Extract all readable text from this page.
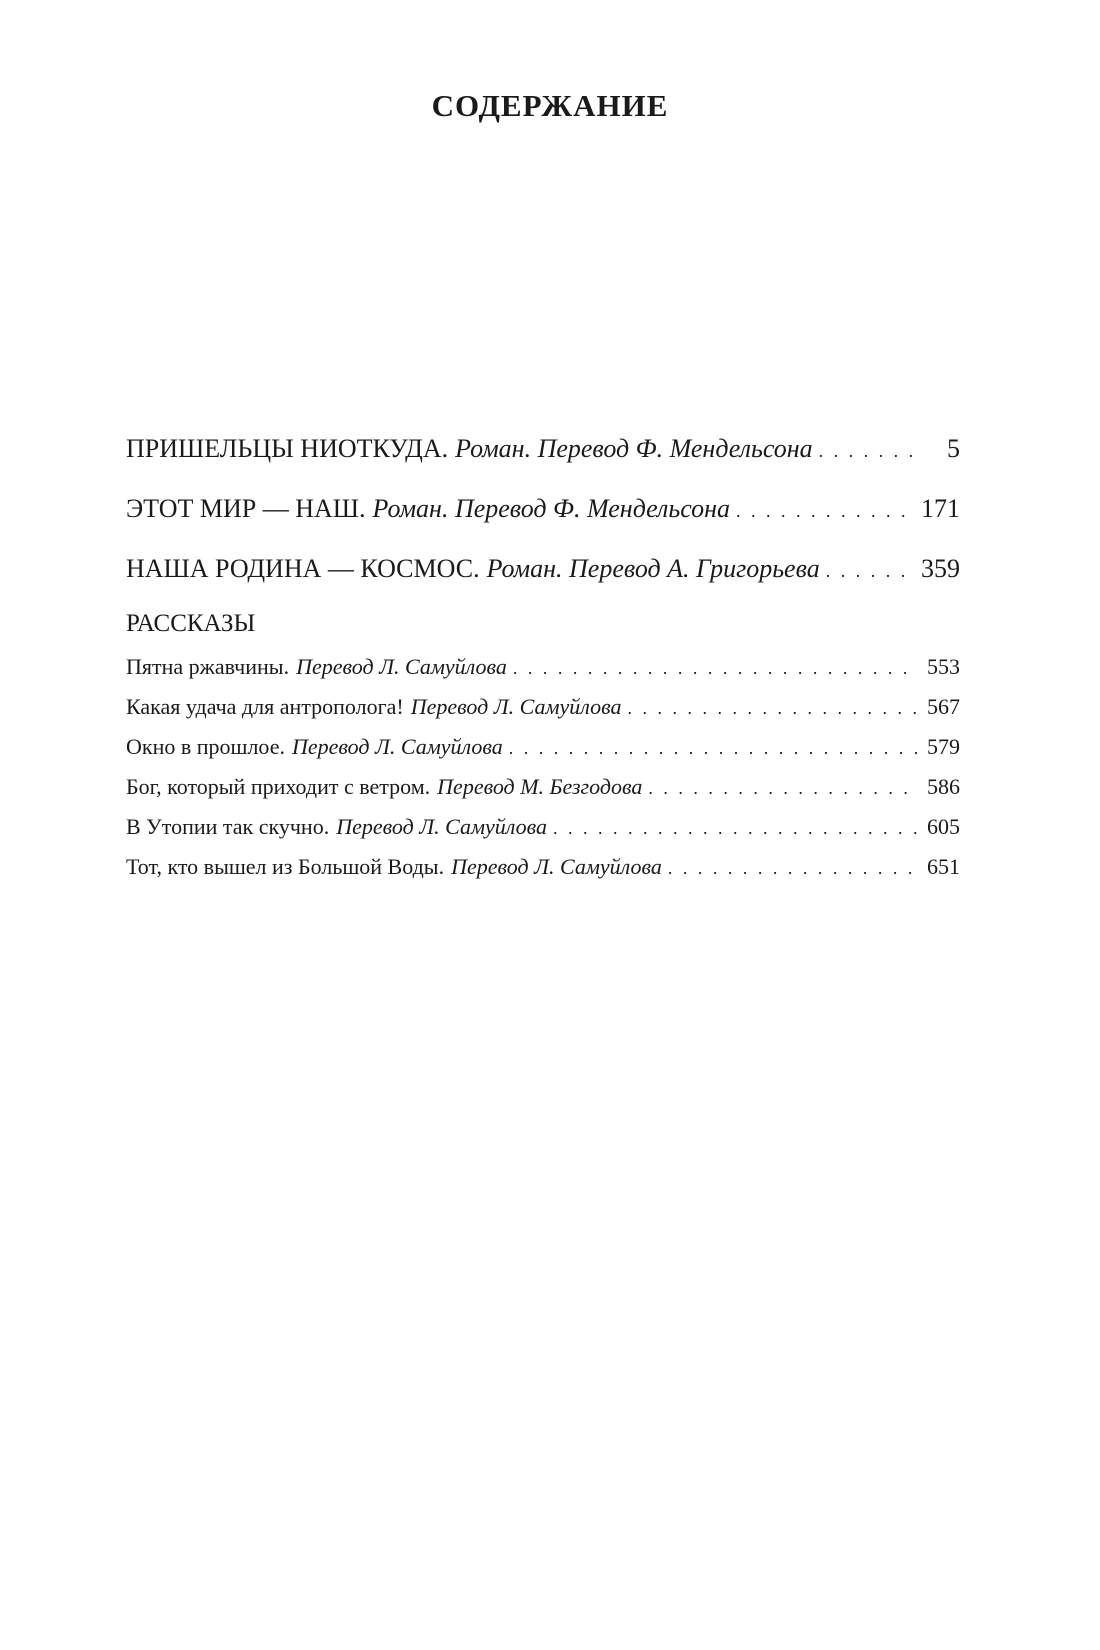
СОДЕРЖАНИЕ
ПРИШЕЛЬЦЫ НИОТКУДА. Роман. Перевод Ф. Мендельсона . . .	5
ЭТОТ МИР — НАШ. Роман. Перевод Ф. Мендельсона . . .	171
НАША РОДИНА — КОСМОС. Роман. Перевод А. Григорьева . . .	359
РАССКАЗЫ
Пятна ржавчины. Перевод Л. Самуйлова . . .	553
Какая удача для антрополога! Перевод Л. Самуйлова . . .	567
Окно в прошлое. Перевод Л. Самуйлова . . .	579
Бог, который приходит с ветром. Перевод М. Безгодова . . .	586
В Утопии так скучно. Перевод Л. Самуйлова . . .	605
Тот, кто вышел из Большой Воды. Перевод Л. Самуйлова . . .	651
